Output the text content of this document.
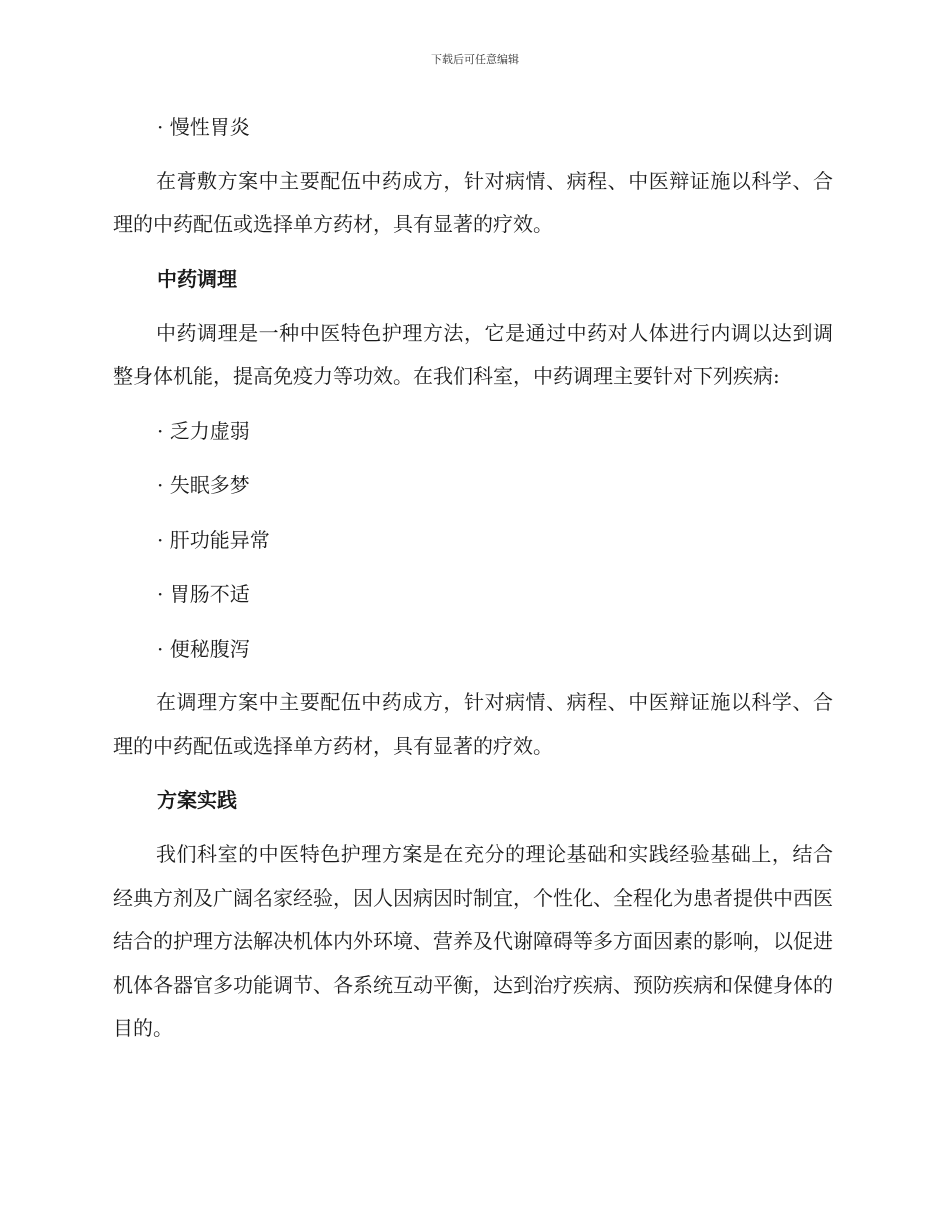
下载后可任意编辑
· 慢性胃炎
在膏敷方案中主要配伍中药成方，针对病情、病程、中医辩证施以科学、合理的中药配伍或选择单方药材，具有显著的疗效。
中药调理
中药调理是一种中医特色护理方法，它是通过中药对人体进行内调以达到调整身体机能，提高免疫力等功效。在我们科室，中药调理主要针对下列疾病:
· 乏力虚弱
· 失眠多梦
· 肝功能异常
· 胃肠不适
· 便秘腹泻
在调理方案中主要配伍中药成方，针对病情、病程、中医辩证施以科学、合理的中药配伍或选择单方药材，具有显著的疗效。
方案实践
我们科室的中医特色护理方案是在充分的理论基础和实践经验基础上，结合经典方剂及广阔名家经验，因人因病因时制宜，个性化、全程化为患者提供中西医结合的护理方法解决机体内外环境、营养及代谢障碍等多方面因素的影响，以促进机体各器官多功能调节、各系统互动平衡，达到治疗疾病、预防疾病和保健身体的目的。
